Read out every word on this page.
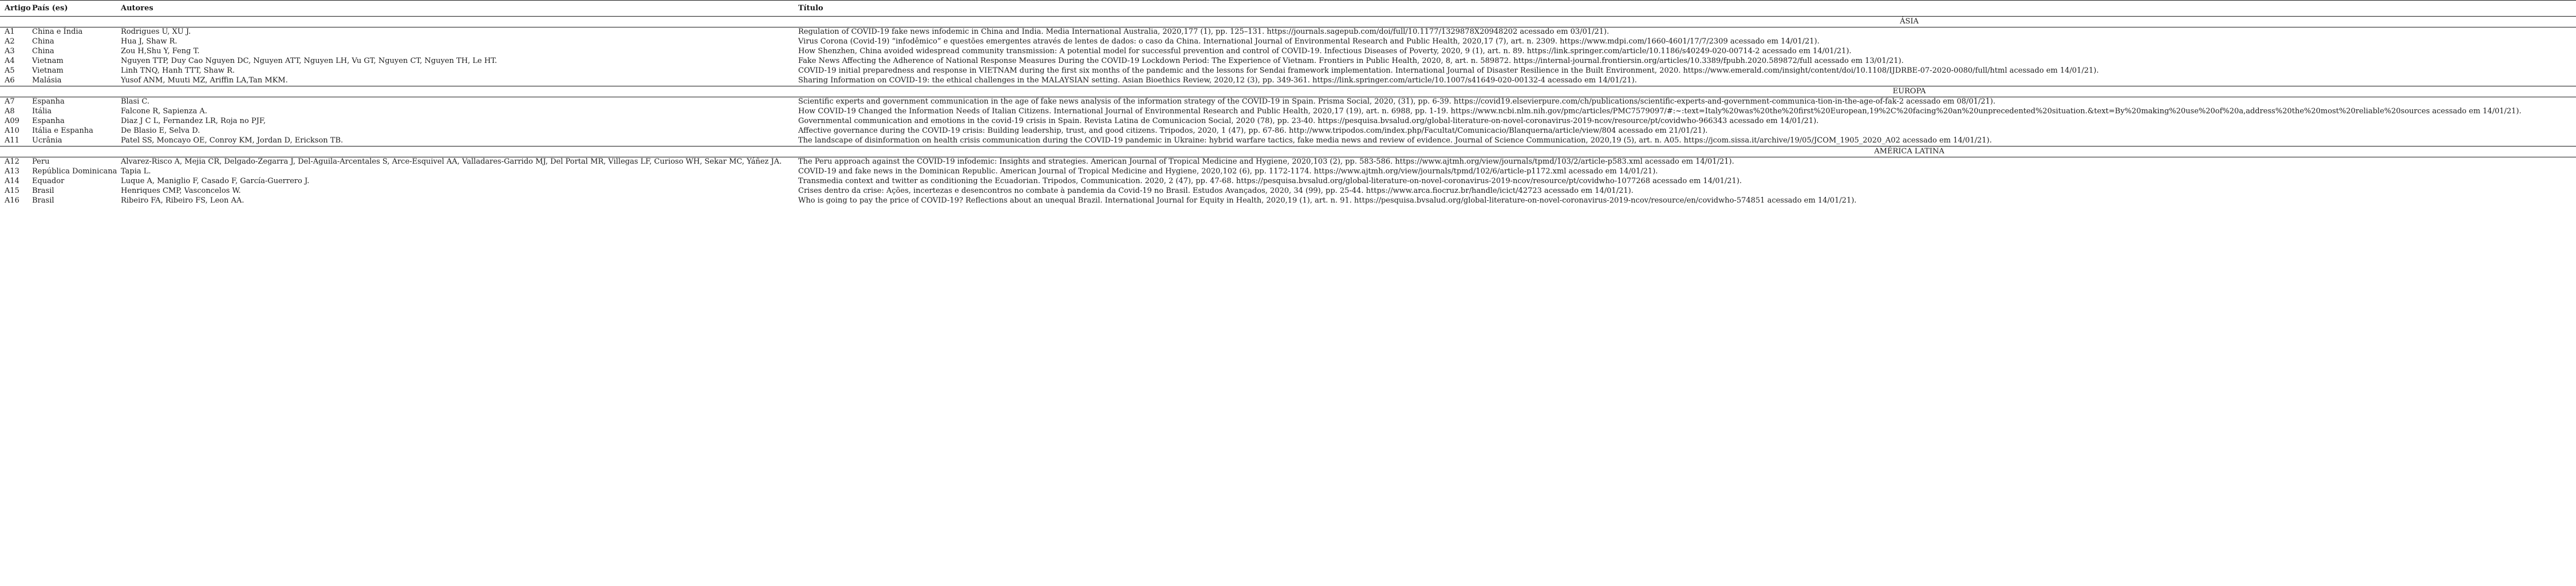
Artigo	País (es)	Autores	Título
ÁSIA			
A1	China e Índia	Rodrigues U, XU J.	Regulation of COVID-19 fake news infodemic in China and India. Media International Australia, 2020,177 (1), pp. 125–131. https://journals.sagepub.com/doi/full/10.1177/1329878X20948202 acessado em 03/01/21).
A2	China	Hua J, Shaw R.	Virus Corona (Covid-19) “infodêmico” e questões emergentes através de lentes de dados: o caso da China. International Journal of Environmental Research and Public Health, 2020,17 (7), art. n. 2309. https://www.mdpi.com/1660-4601/17/7/2309 acessado em 14/01/21).
A3	China	Zou H,Shu Y, Feng T.	How Shenzhen, China avoided widespread community transmission: A potential model for successful prevention and control of COVID-19. Infectious Diseases of Poverty, 2020, 9 (1), art. n. 89. https://link.springer.com/article/10.1186/s40249-020-00714-2 acessado em 14/01/21).
A4	Vietnam	Nguyen TTP, Duy Cao Nguyen DC, Nguyen ATT, Nguyen LH, Vu GT, Nguyen CT, Nguyen TH, Le HT.	Fake News Affecting the Adherence of National Response Measures During the COVID-19 Lockdown Period: The Experience of Vietnam. Frontiers in Public Health, 2020, 8, art. n. 589872. https://internal-journal.frontiersin.org/articles/10.3389/fpubh.2020.589872/full acessado em 13/01/21).
A5	Vietnam	Linh TNQ, Hanh TTT, Shaw R.	COVID-19 initial preparedness and response in VIETNAM during the first six months of the pandemic and the lessons for Sendai framework implementation. International Journal of Disaster Resilience in the Built Environment, 2020. https://www.emerald.com/insight/content/doi/10.1108/IJDRBE-07-2020-0080/full/html acessado em 14/01/21).
A6	Malásia	Yusof ANM, Muuti MZ, Ariffin LA,Tan MKM.	Sharing Information on COVID-19: the ethical challenges in the MALAYSIAN setting. Asian Bioethics Review, 2020,12 (3), pp. 349-361. https://link.springer.com/article/10.1007/s41649-020-00132-4 acessado em 14/01/21).
EUROPA			
A7	Espanha	Blasi C.	Scientific experts and government communication in the age of fake news analysis of the information strategy of the COVID-19 in Spain. Prisma Social, 2020, (31), pp. 6-39. https://covid19.elsevierpure.com/ch/publications/scientific-experts-and-government-communica-tion-in-the-age-of-fak-2 acessado em 08/01/21).
A8	Itália	Falcone R, Sapienza A.	How COVID-19 Changed the Information Needs of Italian Citizens. International Journal of Environmental Research and Public Health, 2020,17 (19), art. n. 6988, pp. 1-19. https://www.ncbi.nlm.nih.gov/pmc/articles/PMC7579097/#:~:text=Italy%20was%20the%20first%20European,19%2C%20facing%20an%20unprecedented%20situation.&text=By%20making%20use%20of%20a,address%20the%20most%20reliable%20sources acessado em 14/01/21).
A09	Espanha	Diaz J C L, Fernandez LR, Roja no PJF,	Governmental communication and emotions in the covid-19 crisis in Spain. Revista Latina de Comunicacion Social, 2020 (78), pp. 23-40. https://pesquisa.bvsalud.org/global-literature-on-novel-coronavirus-2019-ncov/resource/pt/covidwho-966343 acessado em 14/01/21).
A10	Itália e Espanha	De Blasio E, Selva D.	Affective governance during the COVID-19 crisis: Building leadership, trust, and good citizens. Tripodos, 2020, 1 (47), pp. 67-86. http://www.tripodos.com/index.php/Facultat/Comunicacio/Blanquerna/article/view/804 acessado em 21/01/21).
A11	Ucrânia	Patel SS, Moncayo OE, Conroy KM, Jordan D, Erickson TB.	The landscape of disinformation on health crisis communication during the COVID-19 pandemic in Ukraine: hybrid warfare tactics, fake media news and review of evidence. Journal of Science Communication, 2020,19 (5), art. n. A05. https://jcom.sissa.it/archive/19/05/JCOM_1905_2020_A02 acessado em 14/01/21).
AMÉRICA LATINA			
A12	Peru	Alvarez-Risco A, Mejia CR, Delgado-Zegarra J, Del-Aguila-Arcentales S, Arce-Esquivel AA, Valladares-Garrido MJ, Del Portal MR, Villegas LF, Curioso WH, Sekar MC, Yáñez JA.	The Peru approach against the COVID-19 infodemic: Insights and strategies. American Journal of Tropical Medicine and Hygiene, 2020,103 (2), pp. 583-586. https://www.ajtmh.org/view/journals/tpmd/103/2/article-p583.xml acessado em 14/01/21).
A13	República Dominicana	Tapia L.	COVID-19 and fake news in the Dominican Republic. American Journal of Tropical Medicine and Hygiene, 2020,102 (6), pp. 1172-1174. https://www.ajtmh.org/view/journals/tpmd/102/6/article-p1172.xml acessado em 14/01/21).
A14	Equador	Luque A, Maniglio F, Casado F, García-Guerrero J.	Transmedia context and twitter as conditioning the Ecuadorian. Tripodos, Communication. 2020, 2 (47), pp. 47-68. https://pesquisa.bvsalud.org/global-literature-on-novel-coronavirus-2019-ncov/resource/pt/covidwho-1077268 acessado em 14/01/21).
A15	Brasil	Henriques CMP, Vasconcelos W.	Crises dentro da crise: Ações, incertezas e desencontros no combate à pandemia da Covid-19 no Brasil. Estudos Avançados, 2020, 34 (99), pp. 25-44. https://www.arca.fiocruz.br/handle/icict/42723 acessado em 14/01/21).
A16	Brasil	Ribeiro FA, Ribeiro FS, Leon AA.	Who is going to pay the price of COVID-19? Reflections about an unequal Brazil. International Journal for Equity in Health, 2020,19 (1), art. n. 91. https://pesquisa.bvsalud.org/global-literature-on-novel-coronavirus-2019-ncov/resource/en/covidwho-574851 acessado em 14/01/21).
